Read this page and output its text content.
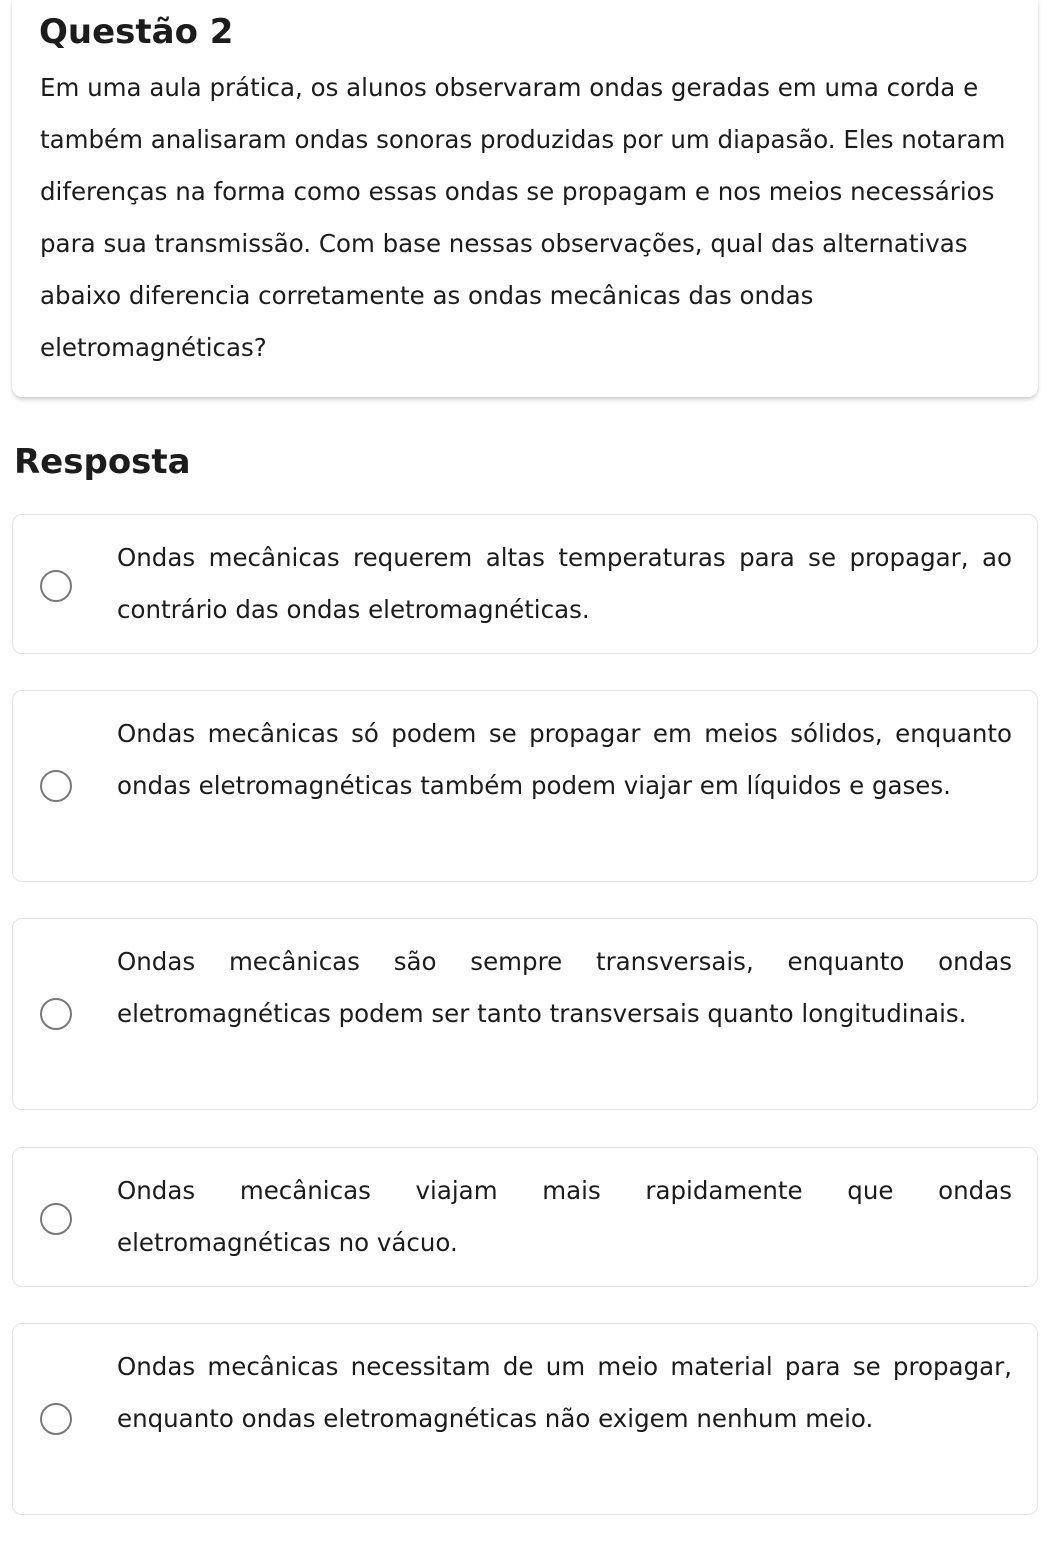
Questão 2

Em uma aula prática, os alunos observaram ondas geradas em uma corda e também analisaram ondas sonoras produzidas por um diapasão. Eles notaram diferenças na forma como essas ondas se propagam e nos meios necessários para sua transmissão. Com base nessas observações, qual das alternativas abaixo diferencia corretamente as ondas mecânicas das ondas eletromagnéticas?

Resposta

Ondas mecânicas requerem altas temperaturas para se propagar, ao contrário das ondas eletromagnéticas.

Ondas mecânicas só podem se propagar em meios sólidos, enquanto ondas eletromagnéticas também podem viajar em líquidos e gases.

Ondas mecânicas são sempre transversais, enquanto ondas eletromagnéticas podem ser tanto transversais quanto longitudinais.

Ondas mecânicas viajam mais rapidamente que ondas eletromagnéticas no vácuo.

Ondas mecânicas necessitam de um meio material para se propagar, enquanto ondas eletromagnéticas não exigem nenhum meio.
